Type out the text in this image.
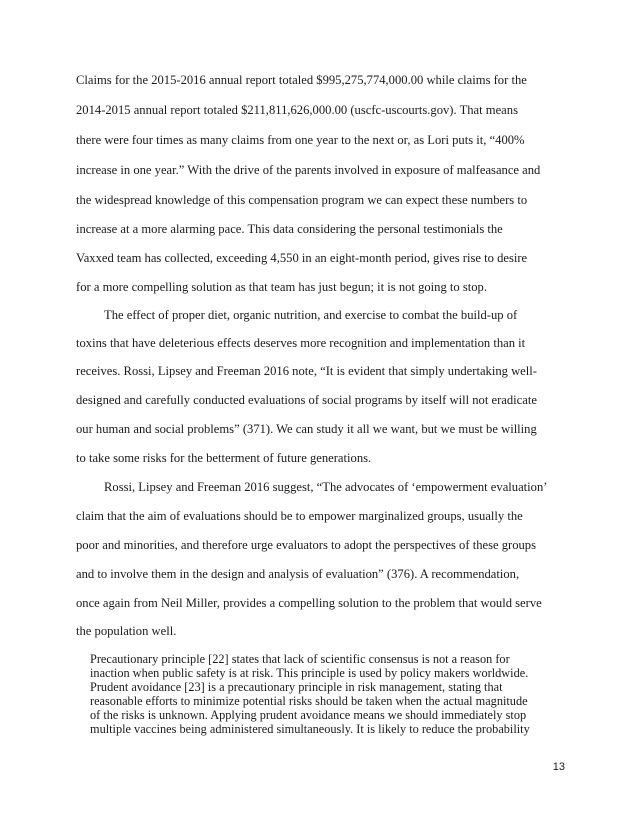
Claims for the 2015-2016 annual report totaled $995,275,774,000.00 while claims for the
2014-2015 annual report totaled $211,811,626,000.00 (uscfc-uscourts.gov). That means
there were four times as many claims from one year to the next or, as Lori puts it, “400%
increase in one year.” With the drive of the parents involved in exposure of malfeasance and
the widespread knowledge of this compensation program we can expect these numbers to
increase at a more alarming pace. This data considering the personal testimonials the
Vaxxed team has collected, exceeding 4,550 in an eight-month period, gives rise to desire
for a more compelling solution as that team has just begun; it is not going to stop.
The effect of proper diet, organic nutrition, and exercise to combat the build-up of
toxins that have deleterious effects deserves more recognition and implementation than it
receives. Rossi, Lipsey and Freeman 2016 note, “It is evident that simply undertaking well-
designed and carefully conducted evaluations of social programs by itself will not eradicate
our human and social problems” (371). We can study it all we want, but we must be willing
to take some risks for the betterment of future generations.
Rossi, Lipsey and Freeman 2016 suggest, “The advocates of ‘empowerment evaluation’
claim that the aim of evaluations should be to empower marginalized groups, usually the
poor and minorities, and therefore urge evaluators to adopt the perspectives of these groups
and to involve them in the design and analysis of evaluation” (376). A recommendation,
once again from Neil Miller, provides a compelling solution to the problem that would serve
the population well.
Precautionary principle [22] states that lack of scientific consensus is not a reason for
inaction when public safety is at risk. This principle is used by policy makers worldwide.
Prudent avoidance [23] is a precautionary principle in risk management, stating that
reasonable efforts to minimize potential risks should be taken when the actual magnitude
of the risks is unknown. Applying prudent avoidance means we should immediately stop
multiple vaccines being administered simultaneously. It is likely to reduce the probability
13
